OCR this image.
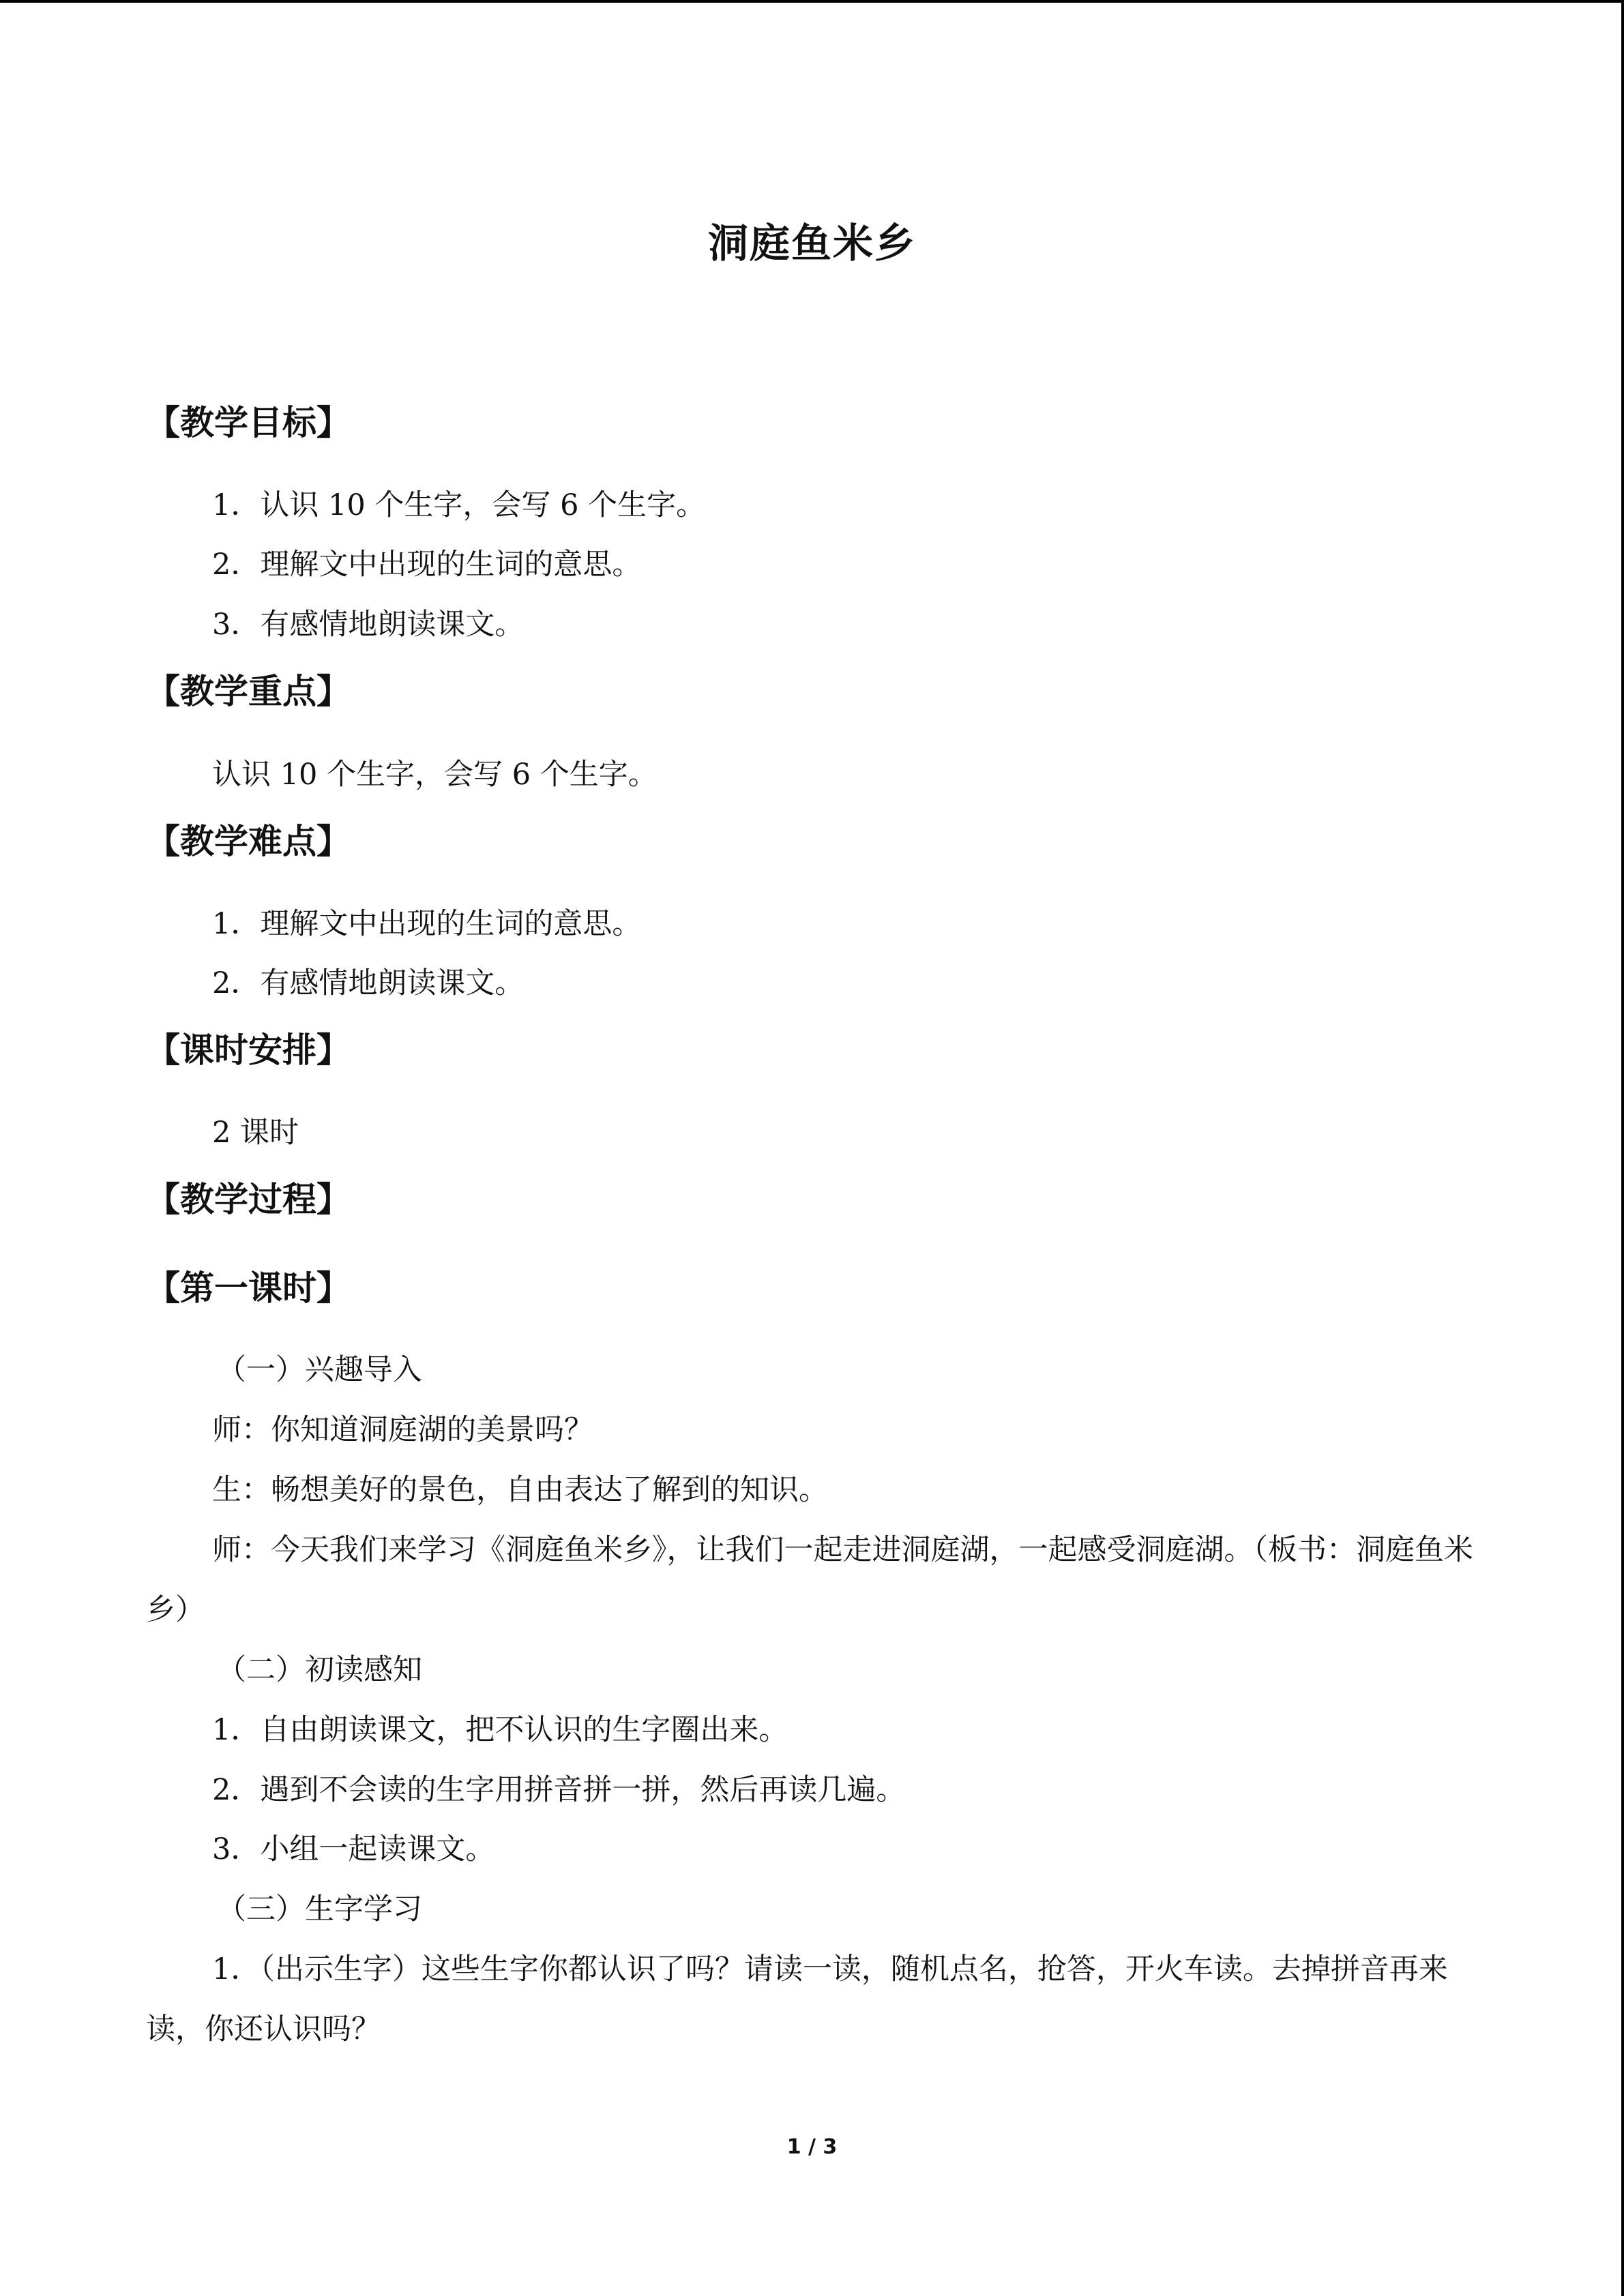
洞庭鱼米乡
【教学目标】
1．认识 10 个生字，会写 6 个生字。
2．理解文中出现的生词的意思。
3．有感情地朗读课文。
【教学重点】
认识 10 个生字，会写 6 个生字。
【教学难点】
1．理解文中出现的生词的意思。
2．有感情地朗读课文。
【课时安排】
2 课时
【教学过程】
【第一课时】
（一）兴趣导入
师：你知道洞庭湖的美景吗？
生：畅想美好的景色，自由表达了解到的知识。
师：今天我们来学习《洞庭鱼米乡》，让我们一起走进洞庭湖，一起感受洞庭湖。（板书：洞庭鱼米乡）
（二）初读感知
1．自由朗读课文，把不认识的生字圈出来。
2．遇到不会读的生字用拼音拼一拼，然后再读几遍。
3．小组一起读课文。
（三）生字学习
1．（出示生字）这些生字你都认识了吗？请读一读，随机点名，抢答，开火车读。去掉拼音再来读，你还认识吗？
1 / 3
